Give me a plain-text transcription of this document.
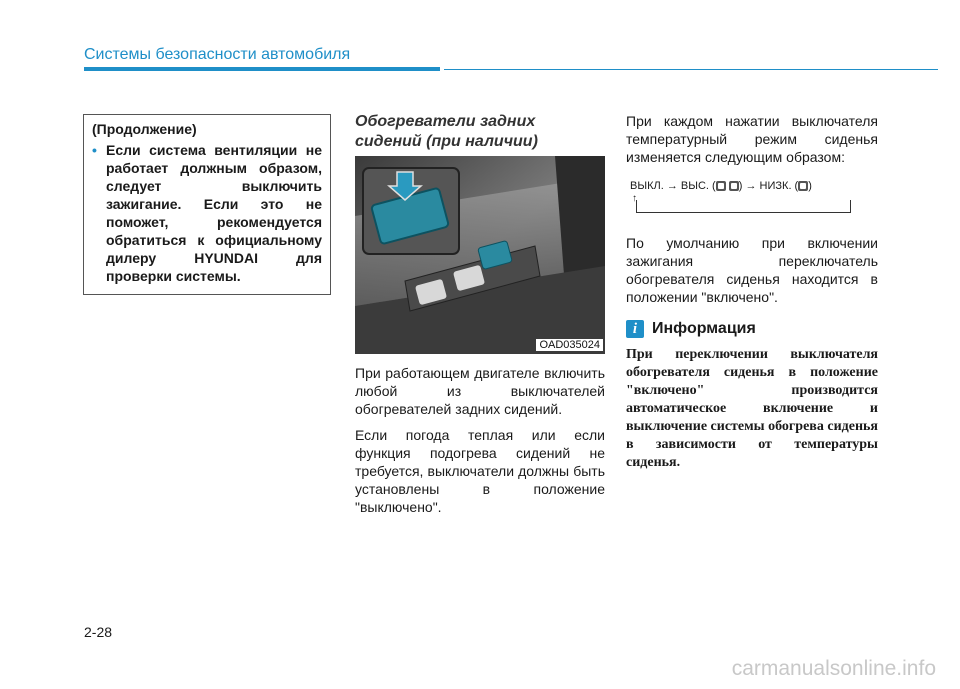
Системы безопасности автомобиля
(Продолжение)
• Если система вентиляции не работает должным образом, следует выключить зажигание. Если это не поможет, рекомендуется обратиться к официальному дилеру HYUNDAI для проверки системы.
Обогреватели задних сидений (при наличии)
OAD035024

При работающем двигателе включить любой из выключателей обогревателей задних сидений.

Если погода теплая или если функция подогрева сидений не требуется, выключатели должны быть установлены в положение "выключено".

При каждом нажатии выключателя температурный режим сиденья изменяется следующим образом:

ВЫКЛ. → ВЫС. ( ) → НИЗК. ( )
↑

По умолчанию при включении зажигания переключатель обогревателя сиденья находится в положении "включено".

i Информация
При переключении выключателя обогревателя сиденья в положение "включено" производится автоматическое включение и выключение системы обогрева сиденья в зависимости от температуры сиденья.
2-28
carmanualsonline.info
